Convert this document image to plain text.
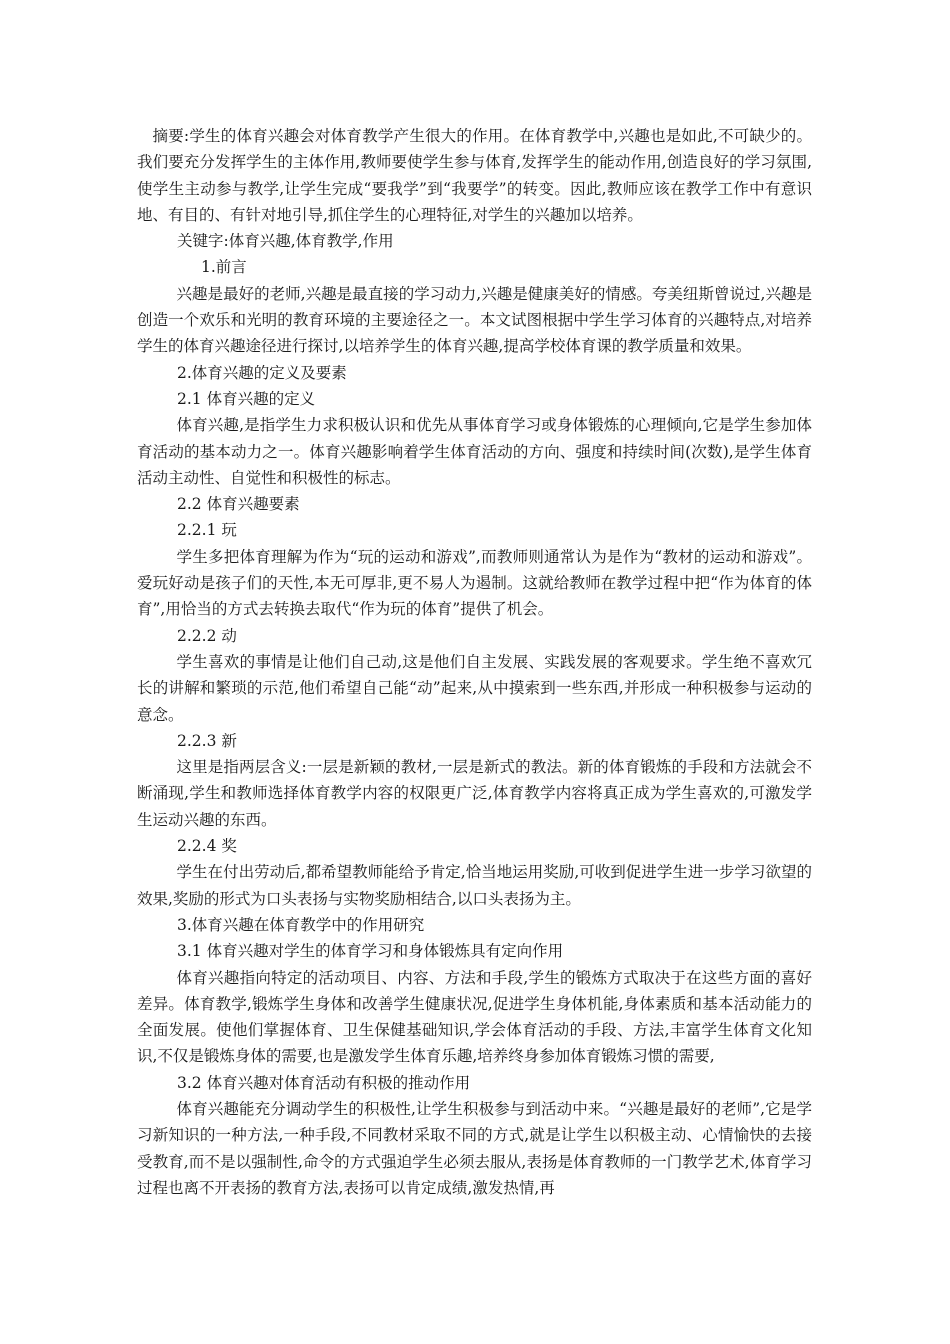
摘要:学生的体育兴趣会对体育教学产生很大的作用。在体育教学中,兴趣也是如此,不可缺少的。我们要充分发挥学生的主体作用,教师要使学生参与体育,发挥学生的能动作用,创造良好的学习氛围,使学生主动参与教学,让学生完成“要我学”到“我要学”的转变。因此,教师应该在教学工作中有意识地、有目的、有针对地引导,抓住学生的心理特征,对学生的兴趣加以培养。

关键字:体育兴趣,体育教学,作用

1.前言

兴趣是最好的老师,兴趣是最直接的学习动力,兴趣是健康美好的情感。夸美纽斯曾说过,兴趣是创造一个欢乐和光明的教育环境的主要途径之一。本文试图根据中学生学习体育的兴趣特点,对培养学生的体育兴趣途径进行探讨,以培养学生的体育兴趣,提高学校体育课的教学质量和效果。

2.体育兴趣的定义及要素

2.1 体育兴趣的定义

体育兴趣,是指学生力求积极认识和优先从事体育学习或身体锻炼的心理倾向,它是学生参加体育活动的基本动力之一。体育兴趣影响着学生体育活动的方向、强度和持续时间(次数),是学生体育活动主动性、自觉性和积极性的标志。

2.2 体育兴趣要素

2.2.1 玩

学生多把体育理解为作为“玩的运动和游戏”,而教师则通常认为是作为“教材的运动和游戏”。爱玩好动是孩子们的天性,本无可厚非,更不易人为遏制。这就给教师在教学过程中把“作为体育的体育”,用恰当的方式去转换去取代“作为玩的体育”提供了机会。

2.2.2 动

学生喜欢的事情是让他们自己动,这是他们自主发展、实践发展的客观要求。学生绝不喜欢冗长的讲解和繁琐的示范,他们希望自己能“动”起来,从中摸索到一些东西,并形成一种积极参与运动的意念。

2.2.3 新

这里是指两层含义:一层是新颖的教材,一层是新式的教法。新的体育锻炼的手段和方法就会不断涌现,学生和教师选择体育教学内容的权限更广泛,体育教学内容将真正成为学生喜欢的,可激发学生运动兴趣的东西。

2.2.4 奖

学生在付出劳动后,都希望教师能给予肯定,恰当地运用奖励,可收到促进学生进一步学习欲望的效果,奖励的形式为口头表扬与实物奖励相结合,以口头表扬为主。

3.体育兴趣在体育教学中的作用研究

3.1 体育兴趣对学生的体育学习和身体锻炼具有定向作用

体育兴趣指向特定的活动项目、内容、方法和手段,学生的锻炼方式取决于在这些方面的喜好差异。体育教学,锻炼学生身体和改善学生健康状况,促进学生身体机能,身体素质和基本活动能力的全面发展。使他们掌握体育、卫生保健基础知识,学会体育活动的手段、方法,丰富学生体育文化知识,不仅是锻炼身体的需要,也是激发学生体育乐趣,培养终身参加体育锻炼习惯的需要,

3.2 体育兴趣对体育活动有积极的推动作用

体育兴趣能充分调动学生的积极性,让学生积极参与到活动中来。“兴趣是最好的老师”,它是学习新知识的一种方法,一种手段,不同教材采取不同的方式,就是让学生以积极主动、心情愉快的去接受教育,而不是以强制性,命令的方式强迫学生必须去服从,表扬是体育教师的一门教学艺术,体育学习过程也离不开表扬的教育方法,表扬可以肯定成绩,激发热情,再
